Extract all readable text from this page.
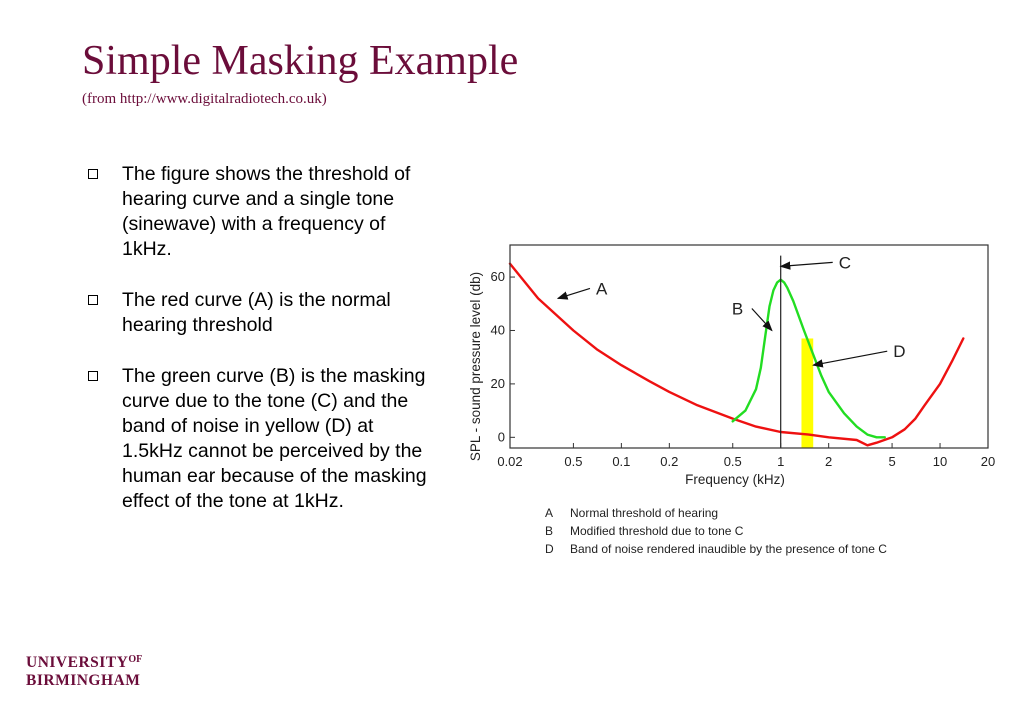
Simple Masking Example
(from http://www.digitalradiotech.co.uk)
The figure shows the threshold of hearing curve and a single tone (sinewave) with a frequency of 1kHz.
The red curve (A) is the normal hearing threshold
The green curve (B) is the masking curve due to the tone (C) and the band of noise in yellow (D) at 1.5kHz cannot be perceived by the human ear because of the masking effect of the tone at 1kHz.
0.02	0.5 0.1 0.2	0.5	1	2	5	10	20
0
20
40
60
Frequency (kHz)
SPL - sound pressure level (db)	A
B
C
D
A Normal threshold of hearing
B Modified threshold due to tone C
D Band of noise rendered inaudible by the presence of tone C
$UNIVERSITY^{OF}$
BIRMINGHAM
